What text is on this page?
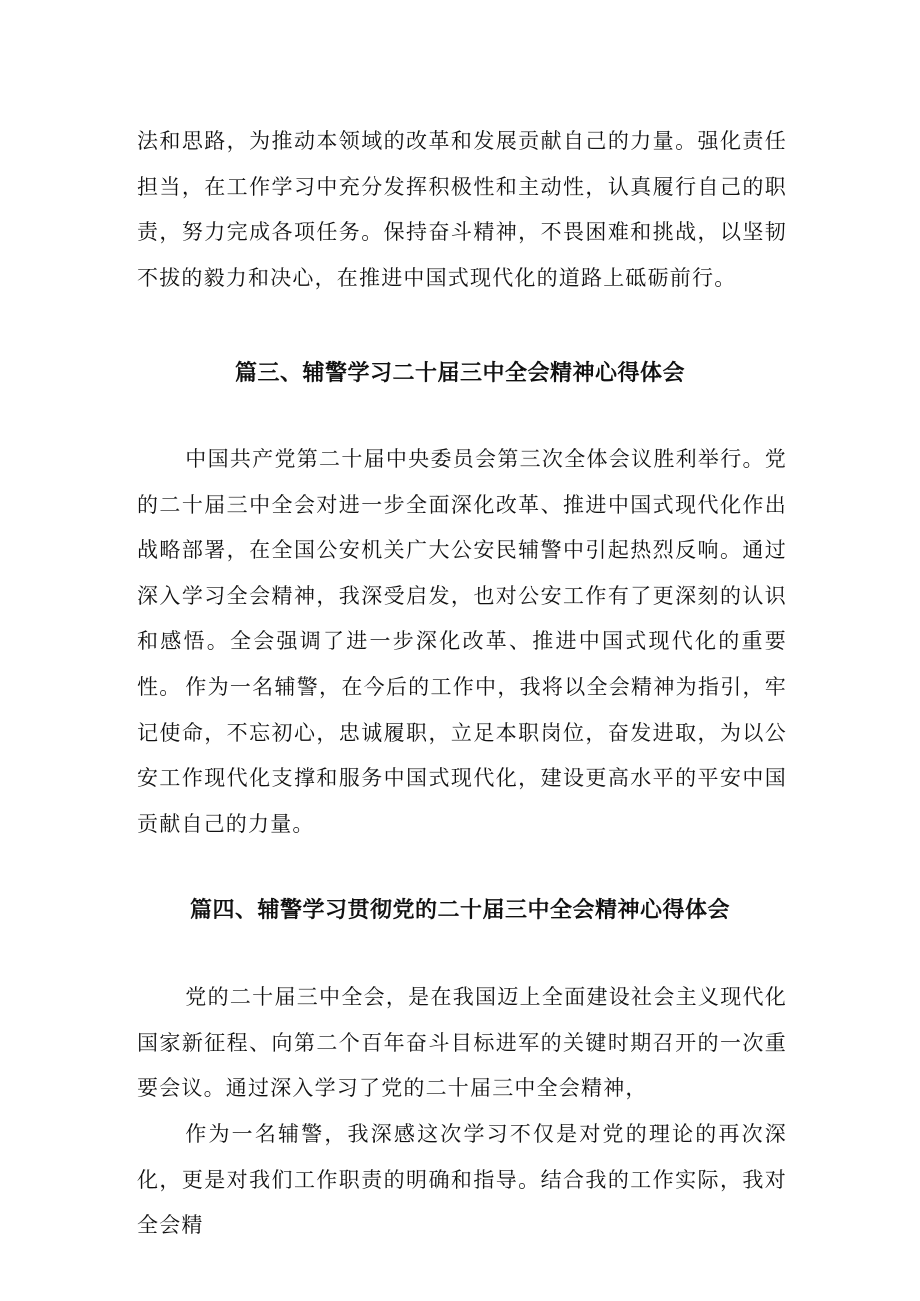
法和思路，为推动本领域的改革和发展贡献自己的力量。强化责任担当，在工作学习中充分发挥积极性和主动性，认真履行自己的职责，努力完成各项任务。保持奋斗精神，不畏困难和挑战，以坚韧不拔的毅力和决心，在推进中国式现代化的道路上砥砺前行。

篇三、辅警学习二十届三中全会精神心得体会

中国共产党第二十届中央委员会第三次全体会议胜利举行。党的二十届三中全会对进一步全面深化改革、推进中国式现代化作出战略部署，在全国公安机关广大公安民辅警中引起热烈反响。通过深入学习全会精神，我深受启发，也对公安工作有了更深刻的认识和感悟。全会强调了进一步深化改革、推进中国式现代化的重要性。 作为一名辅警，在今后的工作中，我将以全会精神为指引，牢记使命，不忘初心，忠诚履职，立足本职岗位，奋发进取，为以公安工作现代化支撑和服务中国式现代化，建设更高水平的平安中国贡献自己的力量。

篇四、辅警学习贯彻党的二十届三中全会精神心得体会

党的二十届三中全会，是在我国迈上全面建设社会主义现代化国家新征程、向第二个百年奋斗目标进军的关键时期召开的一次重要会议。通过深入学习了党的二十届三中全会精神，

作为一名辅警，我深感这次学习不仅是对党的理论的再次深化，更是对我们工作职责的明确和指导。结合我的工作实际，我对全会精
